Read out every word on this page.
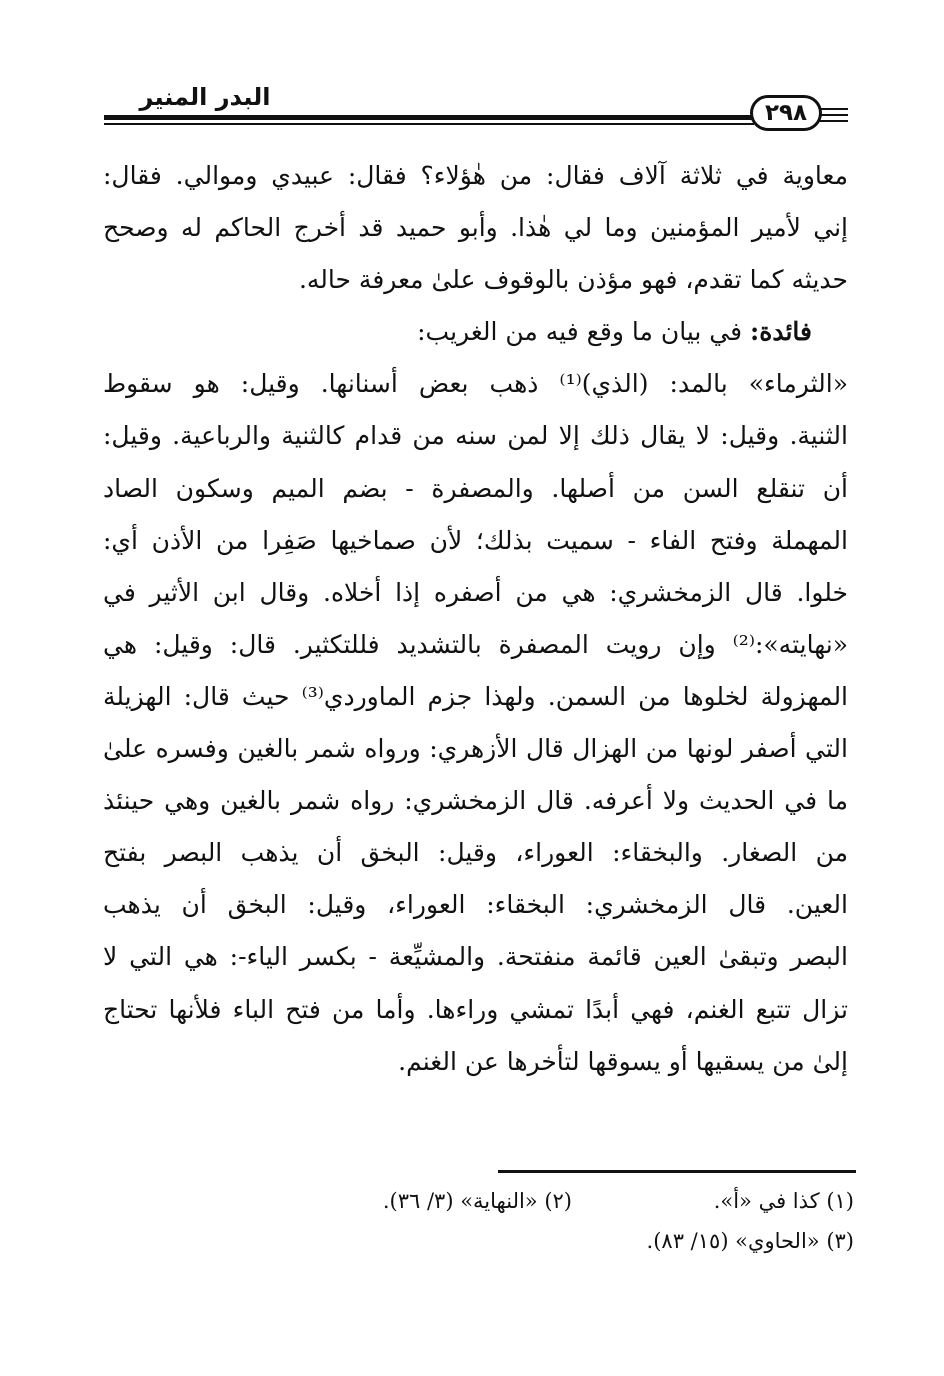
البدر المنير
٢٩٨
معاوية في ثلاثة آلاف فقال: من هٰؤلاء؟ فقال: عبيدي وموالي. فقال:
إني لأمير المؤمنين وما لي هٰذا. وأبو حميد قد أخرج الحاكم له وصحح
حديثه كما تقدم، فهو مؤذن بالوقوف علىٰ معرفة حاله.
فائدة: في بيان ما وقع فيه من الغريب:
«الثرماء» بالمد: (الذي)⁽¹⁾ ذهب بعض أسنانها. وقيل: هو سقوط
الثنية. وقيل: لا يقال ذلك إلا لمن سنه من قدام كالثنية والرباعية. وقيل:
أن تنقلع السن من أصلها. والمصفرة - بضم الميم وسكون الصاد
المهملة وفتح الفاء - سميت بذلك؛ لأن صماخيها صَفِرا من الأذن أي:
خلوا. قال الزمخشري: هي من أصفره إذا أخلاه. وقال ابن الأثير في
«نهايته»:⁽²⁾ وإن رويت المصفرة بالتشديد فللتكثير. قال: وقيل: هي
المهزولة لخلوها من السمن. ولهذا جزم الماوردي⁽³⁾ حيث قال: الهزيلة
التي أصفر لونها من الهزال قال الأزهري: ورواه شمر بالغين وفسره علىٰ
ما في الحديث ولا أعرفه. قال الزمخشري: رواه شمر بالغين وهي حينئذ
من الصغار. والبخقاء: العوراء، وقيل: البخق أن يذهب البصر بفتح
العين. قال الزمخشري: البخقاء: العوراء، وقيل: البخق أن يذهب
البصر وتبقىٰ العين قائمة منفتحة. والمشيِّعة - بكسر الياء-: هي التي لا
تزال تتبع الغنم، فهي أبدًا تمشي وراءها. وأما من فتح الباء فلأنها تحتاج
إلىٰ من يسقيها أو يسوقها لتأخرها عن الغنم.
(١) كذا في «أ».
(٢) «النهاية» (٣/ ٣٦).
(٣) «الحاوي» (١٥/ ٨٣).
